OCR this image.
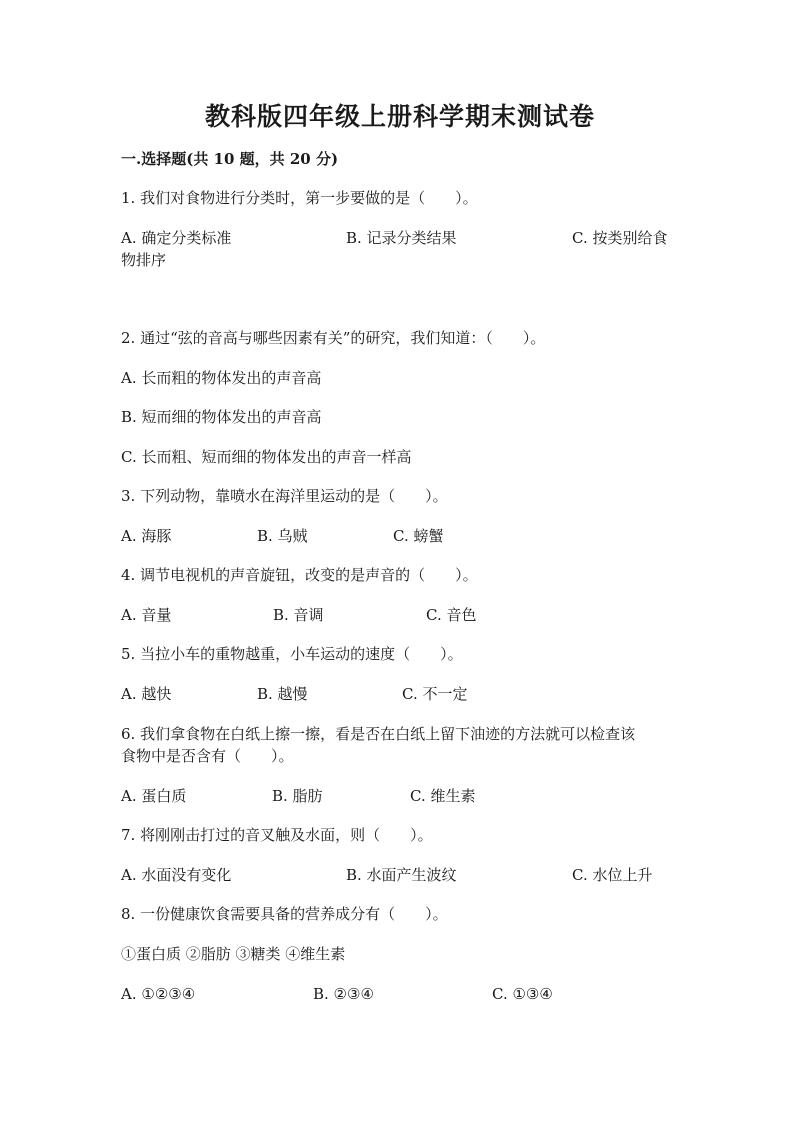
教科版四年级上册科学期末测试卷
一.选择题(共 10 题，共 20 分)
1. 我们对食物进行分类时，第一步要做的是（　　）。
A. 确定分类标准	B. 记录分类结果	C. 按类别给食
物排序
2. 通过“弦的音高与哪些因素有关”的研究，我们知道：（　　）。
A. 长而粗的物体发出的声音高
B. 短而细的物体发出的声音高
C. 长而粗、短而细的物体发出的声音一样高
3. 下列动物，靠喷水在海洋里运动的是（　　）。
A. 海豚	B. 乌贼	C. 螃蟹
4. 调节电视机的声音旋钮，改变的是声音的（　　）。
A. 音量	B. 音调	C. 音色
5. 当拉小车的重物越重，小车运动的速度（　　）。
A. 越快	B. 越慢	C. 不一定
6. 我们拿食物在白纸上擦一擦，看是否在白纸上留下油迹的方法就可以检查该
食物中是否含有（　　）。
A. 蛋白质	B. 脂肪	C. 维生素
7. 将刚刚击打过的音叉触及水面，则（　　）。
A. 水面没有变化	B. 水面产生波纹	C. 水位上升
8. 一份健康饮食需要具备的营养成分有（　　）。
①蛋白质 ②脂肪 ③糖类 ④维生素
A. ①②③④	B. ②③④	C. ①③④
